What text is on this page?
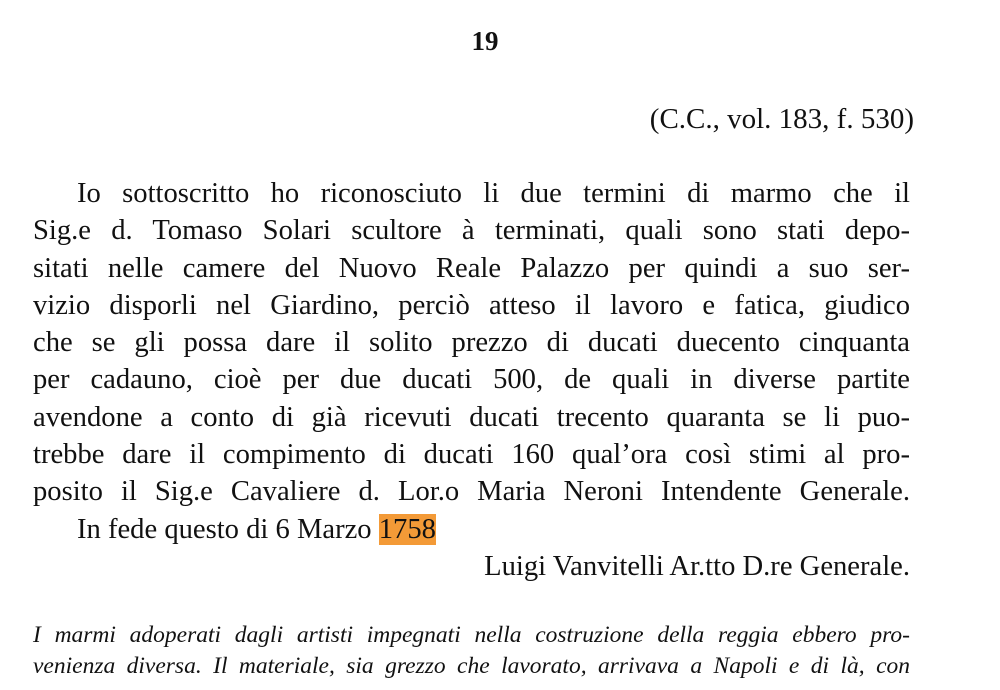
19
(C.C., vol. 183, f. 530)
Io sottoscritto ho riconosciuto li due termini di marmo che il
Sig.e d. Tomaso Solari scultore à terminati, quali sono stati depo-
sitati nelle camere del Nuovo Reale Palazzo per quindi a suo ser-
vizio disporli nel Giardino, perciò atteso il lavoro e fatica, giudico
che se gli possa dare il solito prezzo di ducati duecento cinquanta
per cadauno, cioè per due ducati 500, de quali in diverse partite
avendone a conto di già ricevuti ducati trecento quaranta se li puo-
trebbe dare il compimento di ducati 160 qual’ora così stimi al pro-
posito il Sig.e Cavaliere d. Lor.o Maria Neroni Intendente Generale.
In fede questo di 6 Marzo 1758
Luigi Vanvitelli Ar.tto D.re Generale.
I marmi adoperati dagli artisti impegnati nella costruzione della reggia ebbero pro-
venienza diversa. Il materiale, sia grezzo che lavorato, arrivava a Napoli e di là, con
